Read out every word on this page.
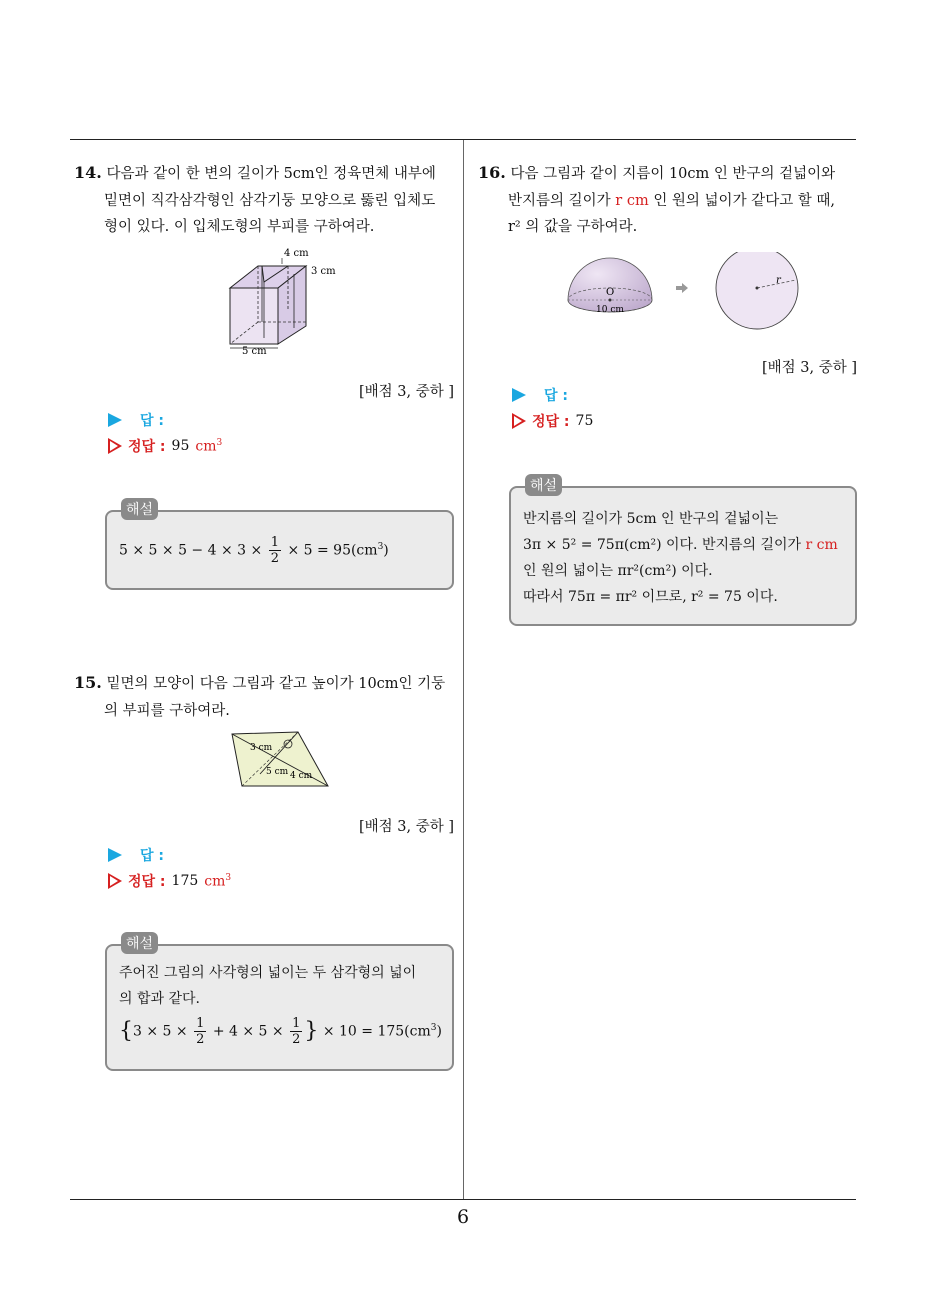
14. 다음과 같이 한 변의 길이가 5cm인 정육면체 내부에
밑면이 직각삼각형인 삼각기둥 모양으로 뚫린 입체도
형이 있다. 이 입체도형의 부피를 구하여라.
4 cm
3 cm
5 cm
[배점 3, 중하 ]
답 :
정답 : 95 $cm^3$
해설
$5 \times 5 \times 5 - 4 \times 3 \times \frac{1}{2} \times 5 = 95(cm^3)$
15. 밑면의 모양이 다음 그림과 같고 높이가 10cm인 기둥
의 부피를 구하여라.
3 cm
5 cm 4 cm
[배점 3, 중하 ]
답 :
정답 : 175 $cm^3$
해설
주어진 그림의 사각형의 넓이는 두 삼각형의 넓이
의 합과 같다.
{$3 \times 5 \times \frac{1}{2} + 4 \times 5 \times \frac{1}{2}$ } × $10 = 175(cm^3)$
16. 다음 그림과 같이 지름이 10cm 인 반구의 겉넓이와
반지름의 길이가 r cm 인 원의 넓이가 같다고 할 때,
r² 의 값을 구하여라.
O
10 cm
r
[배점 3, 중하 ]
답 :
정답 : 75
해설
반지름의 길이가 5cm 인 반구의 겉넓이는
3π × 5² = 75π(cm²) 이다. 반지름의 길이가 r cm
인 원의 넓이는 πr²(cm²) 이다.
따라서 75π = πr² 이므로, r² = 75 이다.
6
